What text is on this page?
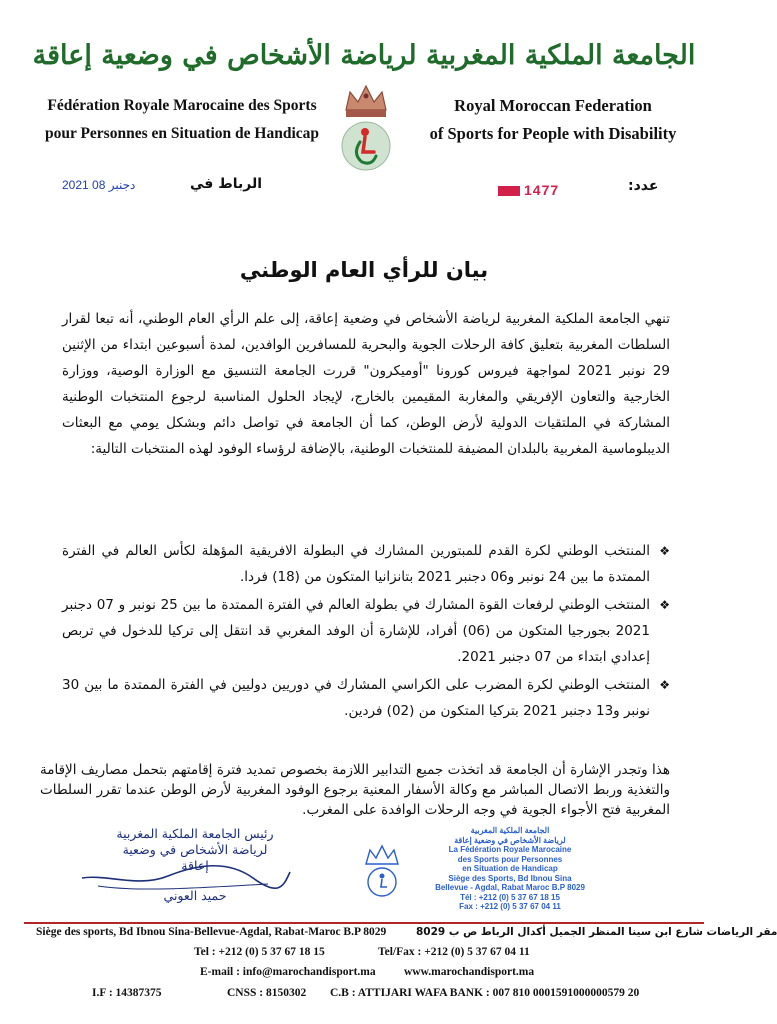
الجامعة الملكية المغربية لرياضة الأشخاص في وضعية إعاقة
Fédération Royale Marocaine des Sports
pour Personnes en Situation de Handicap
Royal Moroccan Federation
of Sports for People with Disability
2021 دجنبر 08	الرباط في	1477	عدد:
بيان للرأي العام الوطني
تنهي الجامعة الملكية المغربية لرياضة الأشخاص في وضعية إعاقة، إلى علم الرأي العام الوطني، أنه تبعا لقرار السلطات المغربية بتعليق كافة الرحلات الجوية والبحرية للمسافرين الوافدين، لمدة أسبوعين ابتداء من الإثنين 29 نونبر 2021 لمواجهة فيروس كورونا "أوميكرون" قررت الجامعة التنسيق مع الوزارة الوصية، ووزارة الخارجية والتعاون الإفريقي والمغاربة المقيمين بالخارج، لإيجاد الحلول المناسبة لرجوع المنتخبات الوطنية المشاركة في الملتقيات الدولية لأرض الوطن، كما أن الجامعة في تواصل دائم وبشكل يومي مع البعثات الديبلوماسية المغربية بالبلدان المضيفة للمنتخبات الوطنية، بالإضافة لرؤساء الوفود لهذه المنتخبات التالية:
❖
المنتخب الوطني لكرة القدم للمبتورين المشارك في البطولة الافريقية المؤهلة لكأس العالم في الفترة الممتدة ما بين 24 نونبر و06 دجنبر 2021 بتانزانيا المتكون من (18) فردا.
❖
المنتخب الوطني لرفعات القوة المشارك في بطولة العالم في الفترة الممتدة ما بين 25 نونبر و 07 دجنبر 2021 بجورجيا المتكون من (06) أفراد، للإشارة أن الوفد المغربي قد انتقل إلى تركيا للدخول في تربص إعدادي ابتداء من 07 دجنبر 2021.
❖
المنتخب الوطني لكرة المضرب على الكراسي المشارك في دوريين دوليين في الفترة الممتدة ما بين 30 نونبر و13 دجنبر 2021 بتركيا المتكون من (02) فردين.
هذا وتجدر الإشارة أن الجامعة قد اتخذت جميع التدابير اللازمة بخصوص تمديد فترة إقامتهم بتحمل مصاريف الإقامة والتغذية وربط الاتصال المباشر مع وكالة الأسفار المعنية برجوع الوفود المغربية لأرض الوطن عندما تقرر السلطات المغربية فتح الأجواء الجوية في وجه الرحلات الوافدة على المغرب.
رئيس الجامعة الملكية المغربية
لرياضة الأشخاص في وضعية إعاقة
حميد العوني
الجامعة الملكية المغربية
لرياضة الأشخاص في وضعية إعاقة
La Fédération Royale Marocaine
des Sports pour Personnes
en Situation de Handicap
Siège des Sports, Bd Ibnou Sina
Bellevue - Agdal, Rabat Maroc B.P 8029
Tél : +212 (0) 5 37 67 18 15
Fax : +212 (0) 5 37 67 04 11
Siège des sports, Bd Ibnou Sina-Bellevue-Agdal, Rabat-Maroc B.P 8029	مقر الرياضات شارع ابن سينا المنظر الجميل أكدال الرباط ص ب 8029
Tel : +212 (0) 5 37 67 18 15	Tel/Fax : +212 (0) 5 37 67 04 11
E-mail : info@marochandisport.ma www.marochandisport.ma
I.F : 14387375	CNSS : 8150302 C.B : ATTIJARI WAFA BANK : 007 810 0001591000000579 20
